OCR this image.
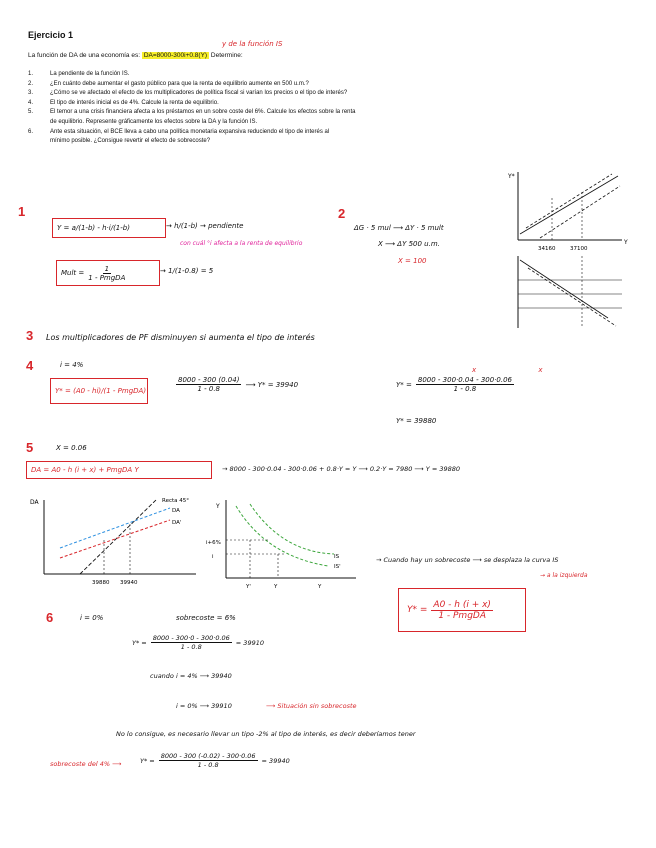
Ejercicio 1
La función de DA de una economía es: DA=8000-300i+0.8(Y) Determine:
y de la función IS
1.	La pendiente de la función IS.
2.	¿En cuánto debe aumentar el gasto público para que la renta de equilibrio aumente en 500 u.m.?
3.	¿Cómo se ve afectado el efecto de los multiplicadores de política fiscal si varían los precios o el tipo de interés?
4.	El tipo de interés inicial es de 4%. Calcule la renta de equilibrio.
5.	El temor a una crisis financiera afecta a los préstamos en un sobre coste del 6%. Calcule los efectos sobre la renta
de equilibrio. Represente gráficamente los efectos sobre la DA y la función IS.
6.	Ante esta situación, el BCE lleva a cabo una política monetaria expansiva reduciendo el tipo de interés al
mínimo posible. ¿Consigue revertir el efecto de sobrecoste?
1
Y = a/(1-b) - h·i/(1-b)	→ h/(1-b) → pendiente
con cuál °i afecta a la renta de equilibrio
Mult = $\frac{1}{\text{1 - PmgDA}}$	→ 1/(1-0.8) = 5
2
ΔG · 5 mul ⟶ ΔY · 5 mult
X ⟶ ΔY 500 u.m.
X = 100
Y*
Y
34160	37100
3 Los multiplicadores de PF disminuyen si aumenta el tipo de interés
4	i = 4%
Y* = (A0 - hi)/(1 - PmgDA)	$\frac{8000 - 300 (0.04)}{1 - 0.8}$ ⟶ Y* = 39940
x x
$Y* = \frac{8000 - 300\cdot 0.04 - 300\cdot 0.06}{1 - 0.8}$
Y* = 39880
5	X = 0.06
DA = A0 - h (i + x) + PmgDA Y	→ 8000 - 300·0.04 - 300·0.06 + 0.8·Y = Y ⟶ 0.2·Y = 7980 ⟶ Y = 39880
DA	Recta 45°
DA
DA'
39880 39940
Y
IS
IS'
i+6%
i
Y'	Y	Y
→ Cuando hay un sobrecoste ⟶ se desplaza la curva IS
→ a la izquierda
$Y* = \frac{A0 - h (i + x)}{\text{1 - PmgDA}}$
6	i = 0%	sobrecoste = 6%
$Y* = \frac{8000 - 300\cdot 0 - 300\cdot 0.06}{1 - 0.8} = 39910$
cuando i = 4% ⟶ 39940
i = 0% ⟶ 39910	⟶ Situación sin sobrecoste
No lo consigue, es necesario llevar un tipo -2% al tipo de interés, es decir deberíamos tener
sobrecoste del 4% ⟶	$Y* = \frac{8000 - 300 (-0.02) - 300\cdot 0.06}{1 - 0.8} = 39940$
